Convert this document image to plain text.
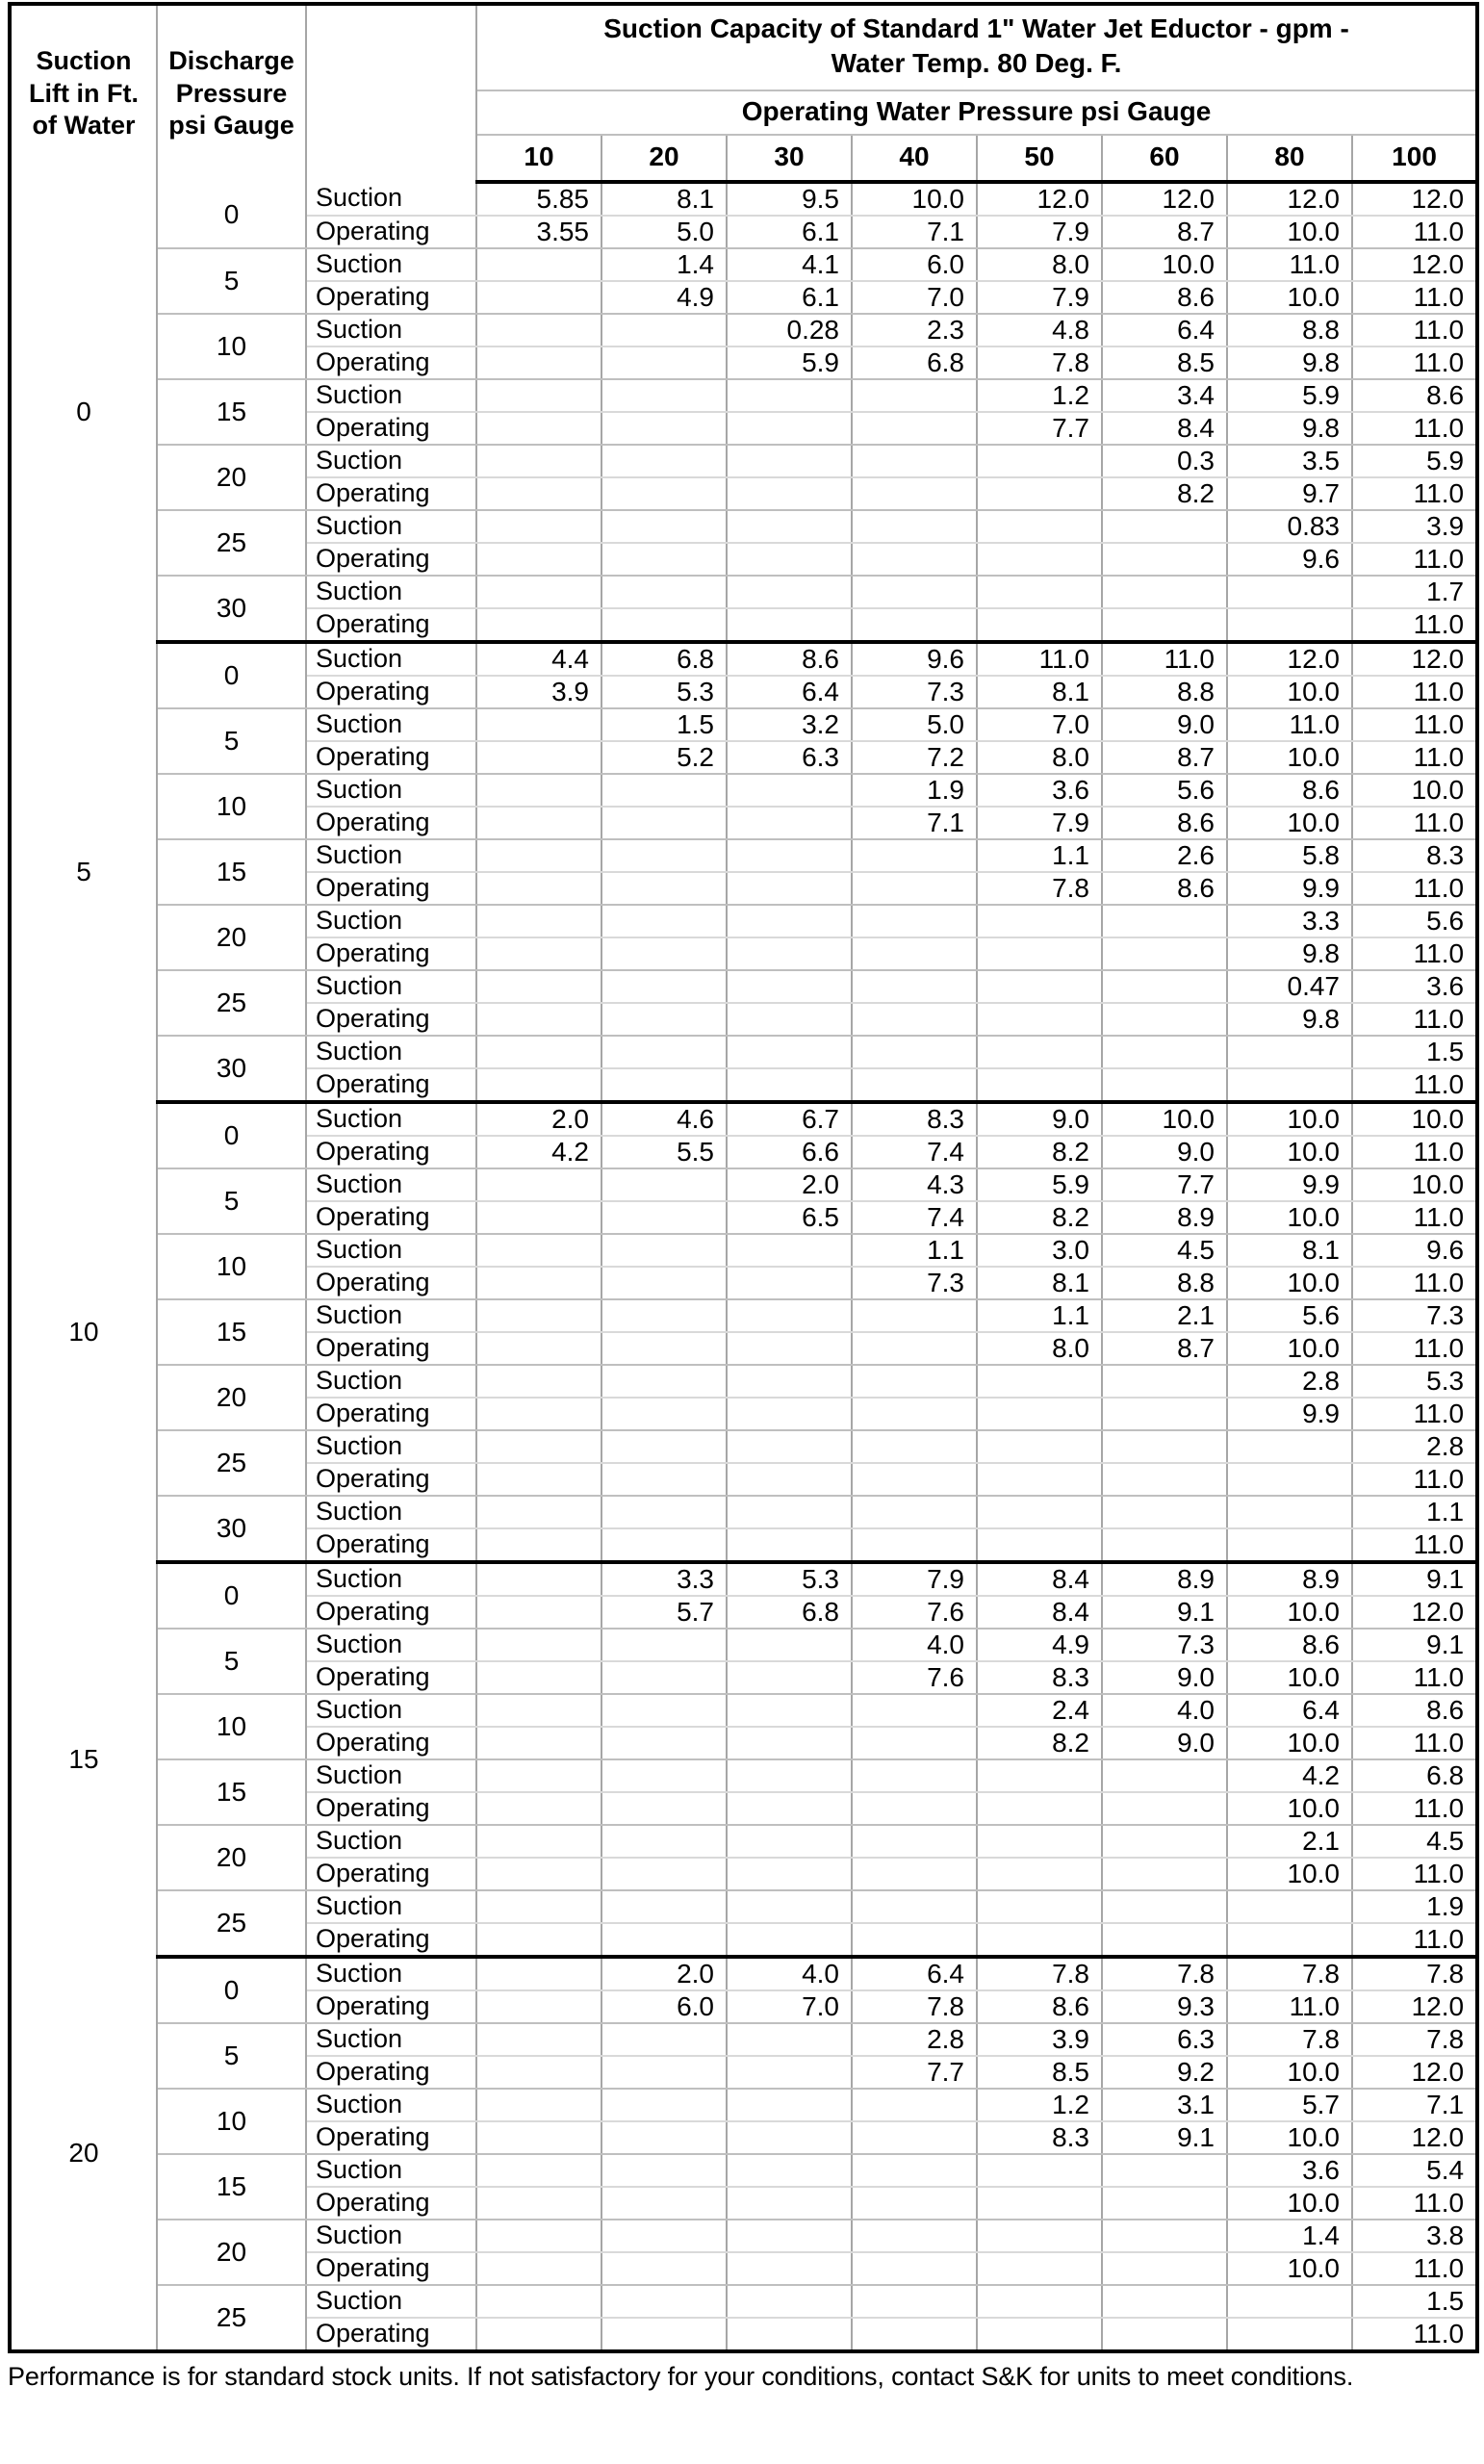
Suction
Lift in Ft.
of Water

Discharge
Pressure
psi Gauge

Suction Capacity of Standard 1" Water Jet Eductor - gpm -
Water Temp. 80 Deg. F.

			Operating Water Pressure psi Gauge							
			10	20	30	40	50	60	80	100
0	0	Suction	5.85	8.1	9.5	10.0	12.0	12.0	12.0	12.0
		Operating	3.55	5.0	6.1	7.1	7.9	8.7	10.0	11.0
	5	Suction		1.4	4.1	6.0	8.0	10.0	11.0	12.0
		Operating		4.9	6.1	7.0	7.9	8.6	10.0	11.0
	10	Suction			0.28	2.3	4.8	6.4	8.8	11.0
		Operating			5.9	6.8	7.8	8.5	9.8	11.0
	15	Suction					1.2	3.4	5.9	8.6
		Operating					7.7	8.4	9.8	11.0
	20	Suction						0.3	3.5	5.9
		Operating						8.2	9.7	11.0
	25	Suction							0.83	3.9
		Operating							9.6	11.0
	30	Suction								1.7
		Operating								11.0
5	0	Suction	4.4	6.8	8.6	9.6	11.0	11.0	12.0	12.0
		Operating	3.9	5.3	6.4	7.3	8.1	8.8	10.0	11.0
	5	Suction		1.5	3.2	5.0	7.0	9.0	11.0	11.0
		Operating		5.2	6.3	7.2	8.0	8.7	10.0	11.0
	10	Suction				1.9	3.6	5.6	8.6	10.0
		Operating				7.1	7.9	8.6	10.0	11.0
	15	Suction					1.1	2.6	5.8	8.3
		Operating					7.8	8.6	9.9	11.0
	20	Suction							3.3	5.6
		Operating							9.8	11.0
	25	Suction							0.47	3.6
		Operating							9.8	11.0
	30	Suction								1.5
		Operating								11.0
10	0	Suction	2.0	4.6	6.7	8.3	9.0	10.0	10.0	10.0
		Operating	4.2	5.5	6.6	7.4	8.2	9.0	10.0	11.0
	5	Suction			2.0	4.3	5.9	7.7	9.9	10.0
		Operating			6.5	7.4	8.2	8.9	10.0	11.0
	10	Suction				1.1	3.0	4.5	8.1	9.6
		Operating				7.3	8.1	8.8	10.0	11.0
	15	Suction					1.1	2.1	5.6	7.3
		Operating					8.0	8.7	10.0	11.0
	20	Suction							2.8	5.3
		Operating							9.9	11.0
	25	Suction								2.8
		Operating								11.0
	30	Suction								1.1
		Operating								11.0
15	0	Suction		3.3	5.3	7.9	8.4	8.9	8.9	9.1
		Operating		5.7	6.8	7.6	8.4	9.1	10.0	12.0
	5	Suction				4.0	4.9	7.3	8.6	9.1
		Operating				7.6	8.3	9.0	10.0	11.0
	10	Suction					2.4	4.0	6.4	8.6
		Operating					8.2	9.0	10.0	11.0
	15	Suction							4.2	6.8
		Operating							10.0	11.0
	20	Suction							2.1	4.5
		Operating							10.0	11.0
	25	Suction								1.9
		Operating								11.0
20	0	Suction		2.0	4.0	6.4	7.8	7.8	7.8	7.8
		Operating		6.0	7.0	7.8	8.6	9.3	11.0	12.0
	5	Suction				2.8	3.9	6.3	7.8	7.8
		Operating				7.7	8.5	9.2	10.0	12.0
	10	Suction					1.2	3.1	5.7	7.1
		Operating					8.3	9.1	10.0	12.0
	15	Suction							3.6	5.4
		Operating							10.0	11.0
	20	Suction							1.4	3.8
		Operating							10.0	11.0
	25	Suction								1.5
		Operating								11.0
Performance is for standard stock units. If not satisfactory for your conditions, contact S&K for units to meet conditions.
